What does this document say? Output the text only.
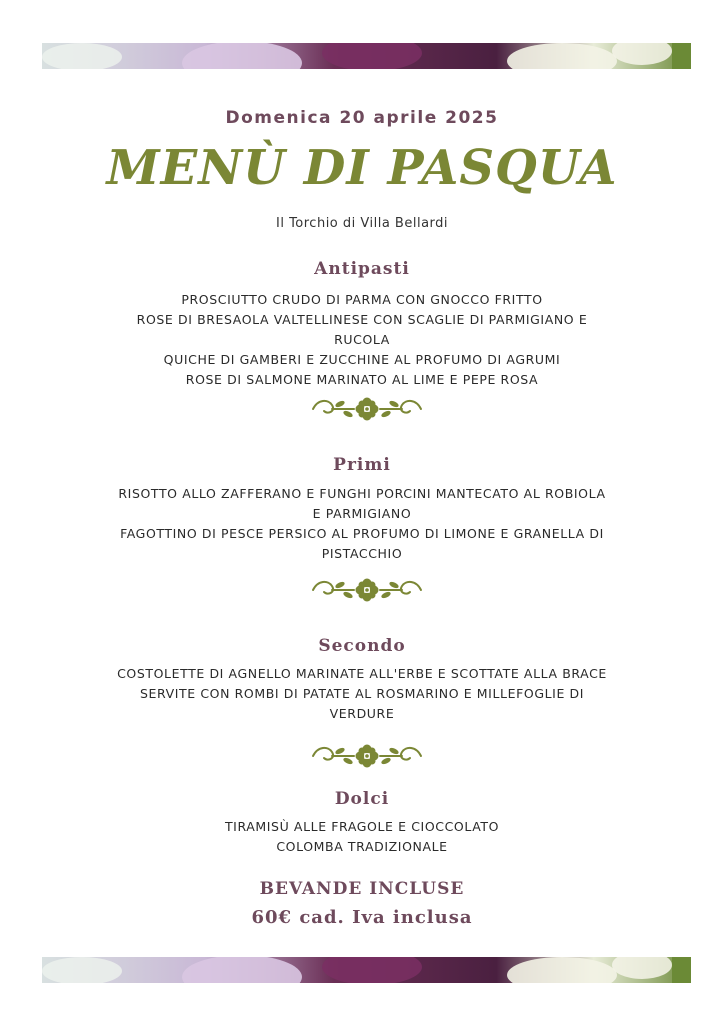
Domenica 20 aprile 2025
MENÙ DI PASQUA
Il Torchio di Villa Bellardi
Antipasti
PROSCIUTTO CRUDO DI PARMA CON GNOCCO FRITTO
ROSE DI BRESAOLA VALTELLINESE CON SCAGLIE DI PARMIGIANO E
RUCOLA
QUICHE DI GAMBERI E ZUCCHINE AL PROFUMO DI AGRUMI
ROSE DI SALMONE MARINATO AL LIME E PEPE ROSA
Primi
RISOTTO ALLO ZAFFERANO E FUNGHI PORCINI MANTECATO AL ROBIOLA
E PARMIGIANO
FAGOTTINO DI PESCE PERSICO AL PROFUMO DI LIMONE E GRANELLA DI
PISTACCHIO
Secondo
COSTOLETTE DI AGNELLO MARINATE ALL'ERBE E SCOTTATE ALLA BRACE
SERVITE CON ROMBI DI PATATE AL ROSMARINO E MILLEFOGLIE DI
VERDURE
Dolci
TIRAMISÙ ALLE FRAGOLE E CIOCCOLATO
COLOMBA TRADIZIONALE
BEVANDE INCLUSE
60€ cad. Iva inclusa
